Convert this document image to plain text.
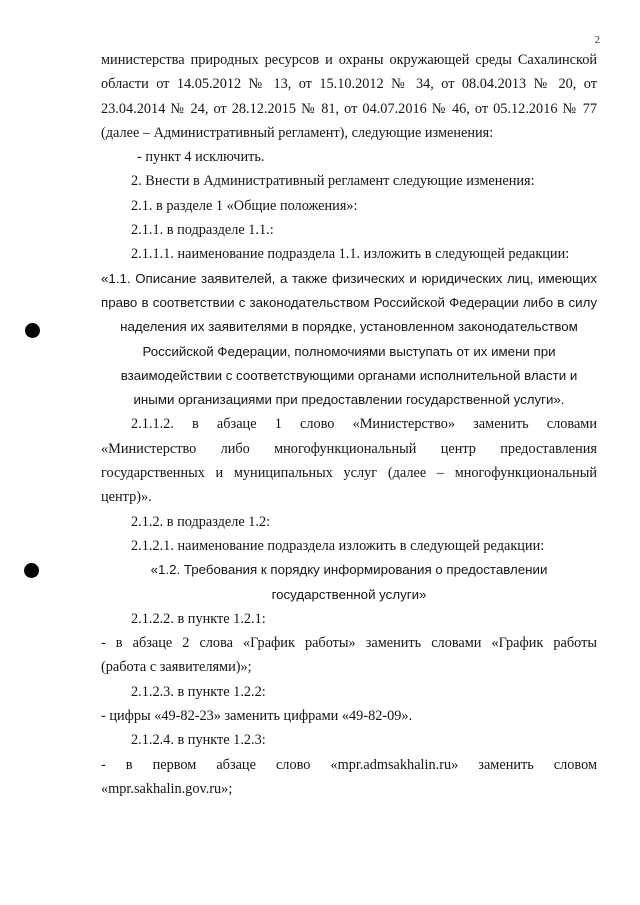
2
министерства природных ресурсов и охраны окружающей среды Сахалинской
области от 14.05.2012 № 13, от 15.10.2012 № 34, от 08.04.2013 № 20, от
23.04.2014 № 24, от 28.12.2015 № 81, от 04.07.2016 № 46, от 05.12.2016 № 77
(далее – Административный регламент), следующие изменения:
- пункт 4 исключить.
2. Внести в Административный регламент следующие изменения:
2.1. в разделе 1 «Общие положения»:
2.1.1. в подразделе 1.1.:
2.1.1.1. наименование подраздела 1.1. изложить в следующей редакции:
«1.1. Описание заявителей, а также физических и юридических лиц, имеющих
право в соответствии с законодательством Российской Федерации либо в силу
наделения их заявителями в порядке, установленном законодательством
Российской Федерации, полномочиями выступать от их имени при
взаимодействии с соответствующими органами исполнительной власти и
иными организациями при предоставлении государственной услуги».
2.1.1.2. в абзаце 1 слово «Министерство» заменить словами
«Министерство либо многофункциональный центр предоставления
государственных и муниципальных услуг (далее – многофункциональный
центр)».
2.1.2. в подразделе 1.2:
2.1.2.1. наименование подраздела изложить в следующей редакции:
«1.2. Требования к порядку информирования о предоставлении
государственной услуги»
2.1.2.2. в пункте 1.2.1:
- в абзаце 2 слова «График работы» заменить словами «График работы
(работа с заявителями)»;
2.1.2.3. в пункте 1.2.2:
- цифры «49-82-23» заменить цифрами «49-82-09».
2.1.2.4. в пункте 1.2.3:
- в первом абзаце слово «mpr.admsakhalin.ru» заменить словом
«mpr.sakhalin.gov.ru»;
